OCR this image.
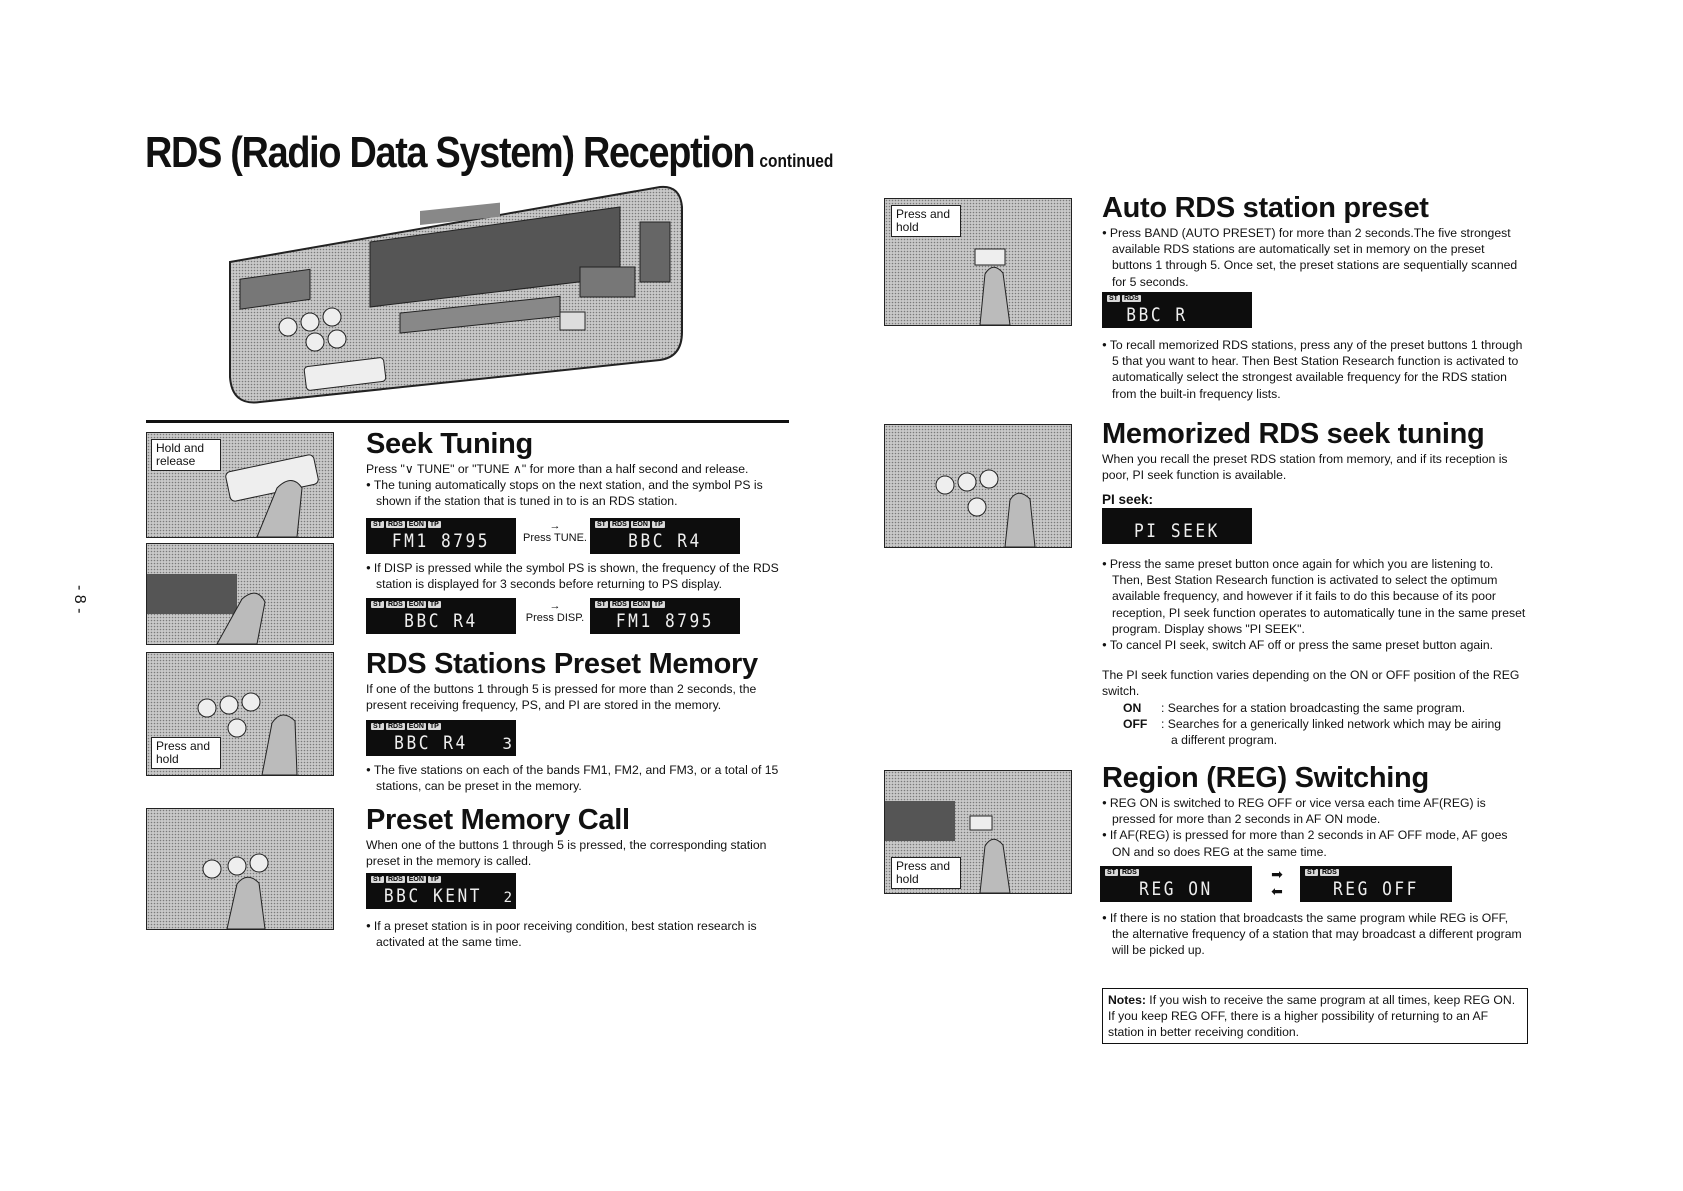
RDS (Radio Data System) Reception continued
- 8 -
Hold and release
Press and hold
Seek Tuning

Press "∨ TUNE" or "TUNE ∧" for more than a half second and release.

● The tuning automatically stops on the next station, and the symbol PS is shown if the station that is tuned in to is an RDS station.

ST RDS EON TP
FM1 8795
→
Press TUNE.
ST RDS EON TP
BBC R4

● If DISP is pressed while the symbol PS is shown, the frequency of the RDS station is displayed for 3 seconds before returning to PS display.

ST RDS EON TP
BBC R4
→
Press DISP.
ST RDS EON TP
FM1 8795
RDS Stations Preset Memory

If one of the buttons 1 through 5 is pressed for more than 2 seconds, the present receiving frequency, PS, and PI are stored in the memory.

ST RDS EON TP
BBC R4	3

● The five stations on each of the bands FM1, FM2, and FM3, or a total of 15 stations, can be preset in the memory.

Preset Memory Call

When one of the buttons 1 through 5 is pressed, the corresponding station preset in the memory is called.

ST RDS EON TP
BBC KENT	2

● If a preset station is in poor receiving condition, best station research is activated at the same time.

Press and hold
Press and hold
Auto RDS station preset

● Press BAND (AUTO PRESET) for more than 2 seconds.The five strongest available RDS stations are automatically set in memory on the preset buttons 1 through 5. Once set, the preset stations are sequentially scanned for 5 seconds.

ST RDS
BBC R

● To recall memorized RDS stations, press any of the preset buttons 1 through 5 that you want to hear. Then Best Station Research function is activated to automatically select the strongest available frequency for the RDS station from the built-in frequency lists.

Memorized RDS seek tuning

When you recall the preset RDS station from memory, and if its reception is poor, PI seek function is available.

PI seek:

PI SEEK

● Press the same preset button once again for which you are listening to. Then, Best Station Research function is activated to select the optimum available frequency, and however if it fails to do this because of its poor reception, PI seek function operates to automatically tune in the same preset program. Display shows "PI SEEK".

● To cancel PI seek, switch AF off or press the same preset button again.

The PI seek function varies depending on the ON or OFF position of the REG switch.

ON : Searches for a station broadcasting the same program.

OFF : Searches for a generically linked network which may be airing

a different program.

Region (REG) Switching

● REG ON is switched to REG OFF or vice versa each time AF(REG) is pressed for more than 2 seconds in AF ON mode.

● If AF(REG) is pressed for more than 2 seconds in AF OFF mode, AF goes ON and so does REG at the same time.

ST RDS
REG ON
➡
⬅
ST RDS
REG OFF

● If there is no station that broadcasts the same program while REG is OFF, the alternative frequency of a station that may broadcast a different program will be picked up.

Notes: If you wish to receive the same program at all times, keep REG ON. If you keep REG OFF, there is a higher possibility of returning to an AF station in better receiving condition.
